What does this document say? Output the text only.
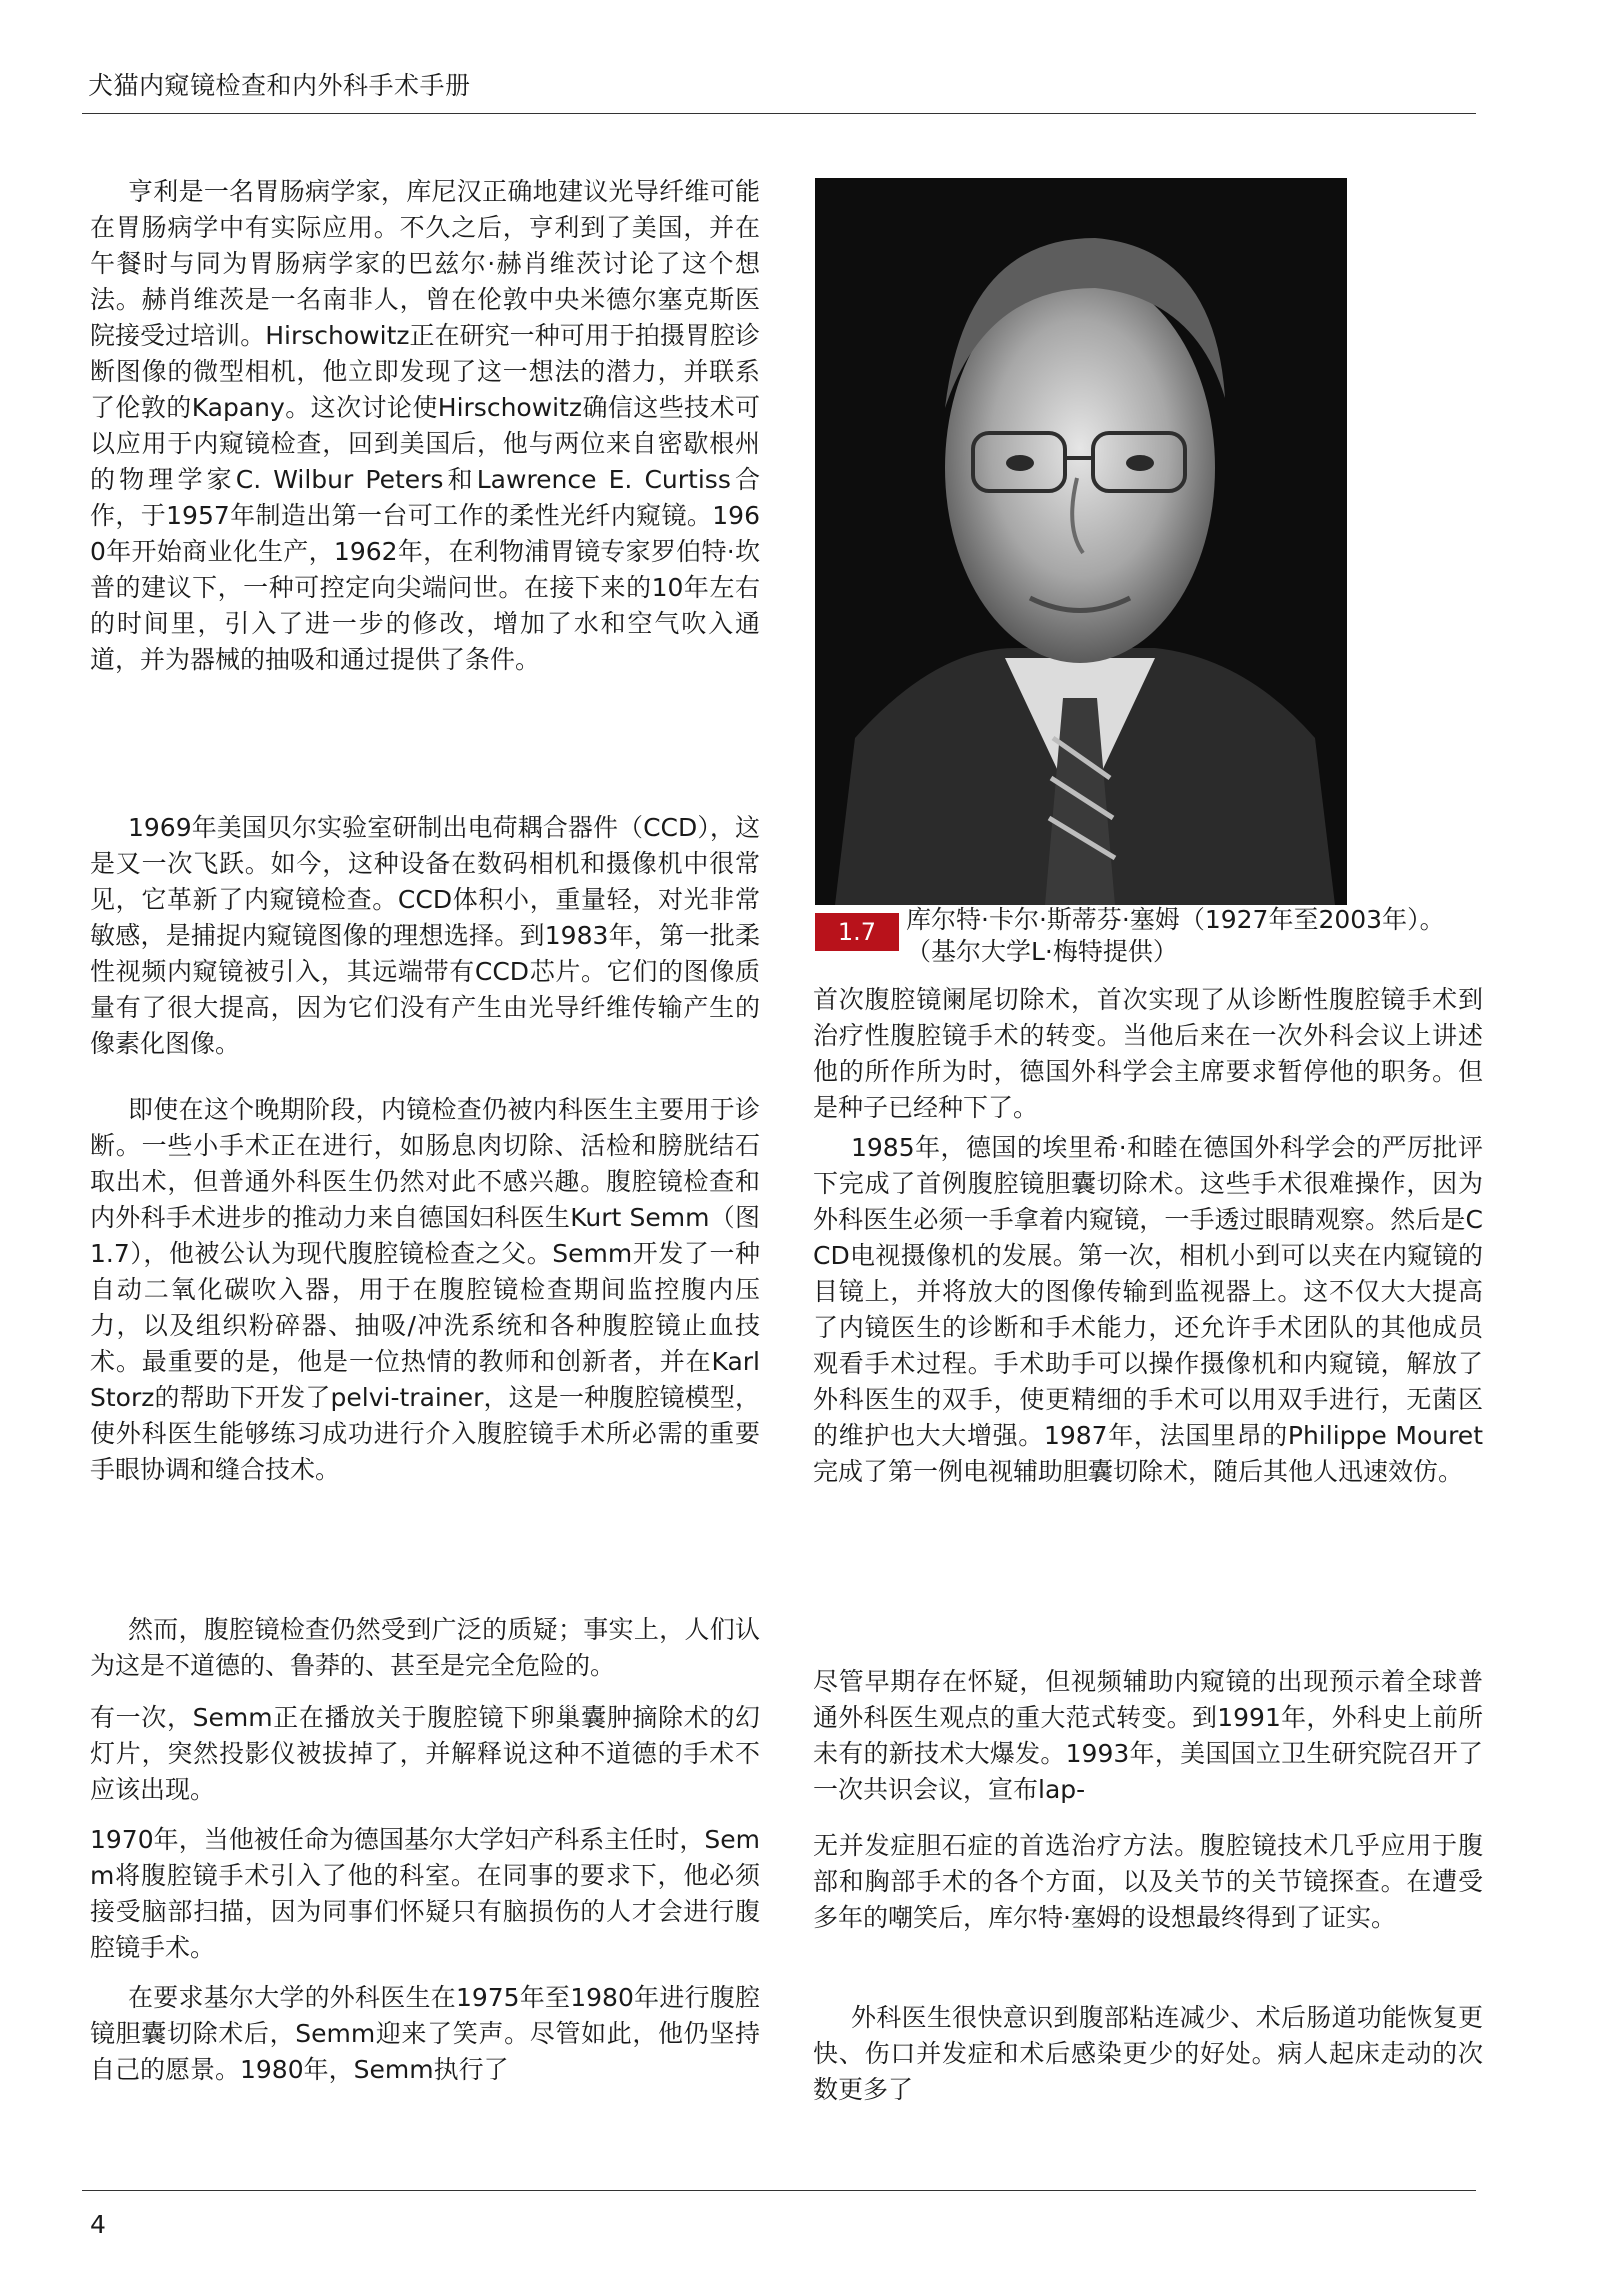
犬猫内窥镜检查和内外科手术手册

亨利是一名胃肠病学家，库尼汉正确地建议光导纤维可能在胃肠病学中有实际应用。不久之后，亨利到了美国，并在午餐时与同为胃肠病学家的巴兹尔·赫肖维茨讨论了这个想法。赫肖维茨是一名南非人，曾在伦敦中央米德尔塞克斯医院接受过培训。Hirschowitz正在研究一种可用于拍摄胃腔诊断图像的微型相机，他立即发现了这一想法的潜力，并联系了伦敦的Kapany。这次讨论使Hirschowitz确信这些技术可以应用于内窥镜检查，回到美国后，他与两位来自密歇根州的物理学家C. Wilbur Peters和Lawrence E. Curtiss合作，于1957年制造出第一台可工作的柔性光纤内窥镜。1960年开始商业化生产，1962年，在利物浦胃镜专家罗伯特·坎普的建议下，一种可控定向尖端问世。在接下来的10年左右的时间里，引入了进一步的修改，增加了水和空气吹入通道，并为器械的抽吸和通过提供了条件。

1969年美国贝尔实验室研制出电荷耦合器件（CCD），这是又一次飞跃。如今，这种设备在数码相机和摄像机中很常见，它革新了内窥镜检查。CCD体积小，重量轻，对光非常敏感，是捕捉内窥镜图像的理想选择。到1983年，第一批柔性视频内窥镜被引入，其远端带有CCD芯片。它们的图像质量有了很大提高，因为它们没有产生由光导纤维传输产生的像素化图像。

即使在这个晚期阶段，内镜检查仍被内科医生主要用于诊断。一些小手术正在进行，如肠息肉切除、活检和膀胱结石取出术，但普通外科医生仍然对此不感兴趣。腹腔镜检查和内外科手术进步的推动力来自德国妇科医生Kurt Semm（图1.7），他被公认为现代腹腔镜检查之父。Semm开发了一种自动二氧化碳吹入器，用于在腹腔镜检查期间监控腹内压力，以及组织粉碎器、抽吸/冲洗系统和各种腹腔镜止血技术。最重要的是，他是一位热情的教师和创新者，并在Karl Storz的帮助下开发了pelvi-trainer，这是一种腹腔镜模型，使外科医生能够练习成功进行介入腹腔镜手术所必需的重要手眼协调和缝合技术。

然而，腹腔镜检查仍然受到广泛的质疑；事实上，人们认为这是不道德的、鲁莽的、甚至是完全危险的。

有一次，Semm正在播放关于腹腔镜下卵巢囊肿摘除术的幻灯片，突然投影仪被拔掉了，并解释说这种不道德的手术不应该出现。

1970年，当他被任命为德国基尔大学妇产科系主任时，Semm将腹腔镜手术引入了他的科室。在同事的要求下，他必须接受脑部扫描，因为同事们怀疑只有脑损伤的人才会进行腹腔镜手术。

在要求基尔大学的外科医生在1975年至1980年进行腹腔镜胆囊切除术后，Semm迎来了笑声。尽管如此，他仍坚持自己的愿景。1980年，Semm执行了

1.7	库尔特·卡尔·斯蒂芬·塞姆（1927年至2003年）。
（基尔大学L·梅特提供）

首次腹腔镜阑尾切除术，首次实现了从诊断性腹腔镜手术到治疗性腹腔镜手术的转变。当他后来在一次外科会议上讲述他的所作所为时，德国外科学会主席要求暂停他的职务。但是种子已经种下了。

1985年，德国的埃里希·和睦在德国外科学会的严厉批评下完成了首例腹腔镜胆囊切除术。这些手术很难操作，因为外科医生必须一手拿着内窥镜，一手透过眼睛观察。然后是CCD电视摄像机的发展。第一次，相机小到可以夹在内窥镜的目镜上，并将放大的图像传输到监视器上。这不仅大大提高了内镜医生的诊断和手术能力，还允许手术团队的其他成员观看手术过程。手术助手可以操作摄像机和内窥镜，解放了外科医生的双手，使更精细的手术可以用双手进行，无菌区的维护也大大增强。1987年，法国里昂的Philippe Mouret完成了第一例电视辅助胆囊切除术，随后其他人迅速效仿。

尽管早期存在怀疑，但视频辅助内窥镜的出现预示着全球普通外科医生观点的重大范式转变。到1991年，外科史上前所未有的新技术大爆发。1993年，美国国立卫生研究院召开了一次共识会议，宣布lap-

无并发症胆石症的首选治疗方法。腹腔镜技术几乎应用于腹部和胸部手术的各个方面，以及关节的关节镜探查。在遭受多年的嘲笑后，库尔特·塞姆的设想最终得到了证实。

外科医生很快意识到腹部粘连减少、术后肠道功能恢复更快、伤口并发症和术后感染更少的好处。病人起床走动的次数更多了

4
